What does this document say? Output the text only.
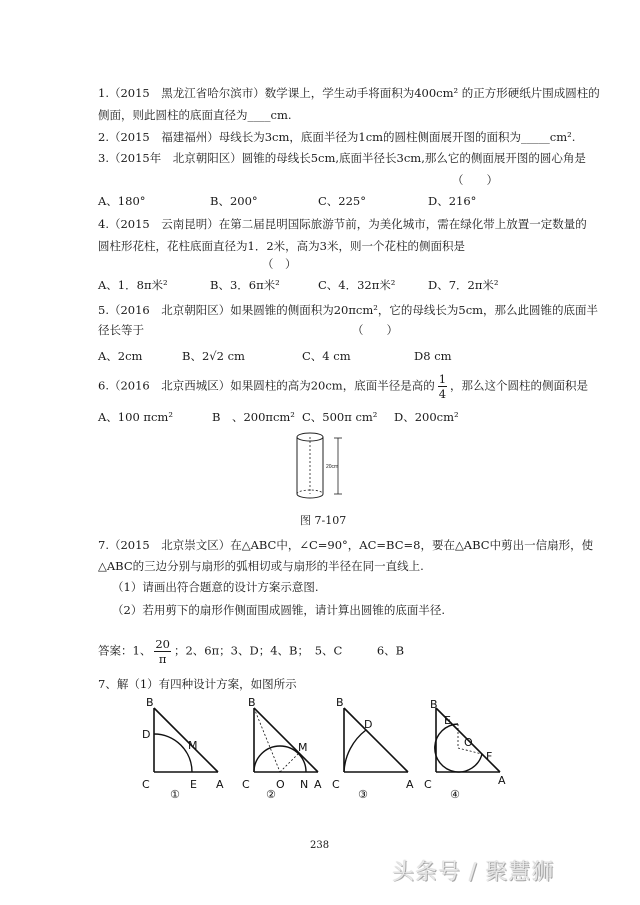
1.（2015　黑龙江省哈尔滨市）数学课上，学生动手将面积为400cm² 的正方形硬纸片围成圆柱的
侧面，则此圆柱的底面直径为____cm.
2.（2015　福建福州）母线长为3cm，底面半径为1cm的圆柱侧面展开图的面积为_____cm².
3.（2015年　北京朝阳区）圆锥的母线长5cm,底面半径长3cm,那么它的侧面展开图的圆心角是
（　　）
A、180°	B、200°	C、225°	D、216°
4.（2015　云南昆明）在第二届昆明国际旅游节前，为美化城市，需在绿化带上放置一定数量的
圆柱形花柱，花柱底面直径为1．2米，高为3米，则一个花柱的侧面积是
（　）
A、1．8π米²	B、3．6π米²	C、4．32π米²	D、7．2π米²
5.（2016　北京朝阳区）如果圆锥的侧面积为20πcm²，它的母线长为5cm，那么此圆锥的底面半
径长等于	（　　）
A、2cm	B、2√2 cm	C、4 cm	D8 cm
6.（2016　北京西城区）如果圆柱的高为20cm，底面半径是高的 $\frac{1}{4}$ ，那么这个圆柱的侧面积是
A、100 πcm²	B　、200πcm² C、500π cm² D、200cm²
20cm
图 7-107
7.（2015　北京崇文区）在△ABC中，∠C=90°，AC=BC=8，要在△ABC中剪出一信扇形，使
△ABC的三边分别与扇形的弧相切或与扇形的半径在同一直线上.
（1）请画出符合题意的设计方案示意图.
（2）若用剪下的扇形作侧面围成圆锥，请计算出圆锥的底面半径.
答案：1、 $\frac{20}{\pi}$ ；2、6π；3、D；4、B；　5、C　　　6、B
7、解（1）有四种设计方案，如图所示
B
D
M
C	E A
①
B
M
C O N A
②
B
D
C	A
③
B
E
O
F
C	A
④
238
头条号 / 聚慧狮
